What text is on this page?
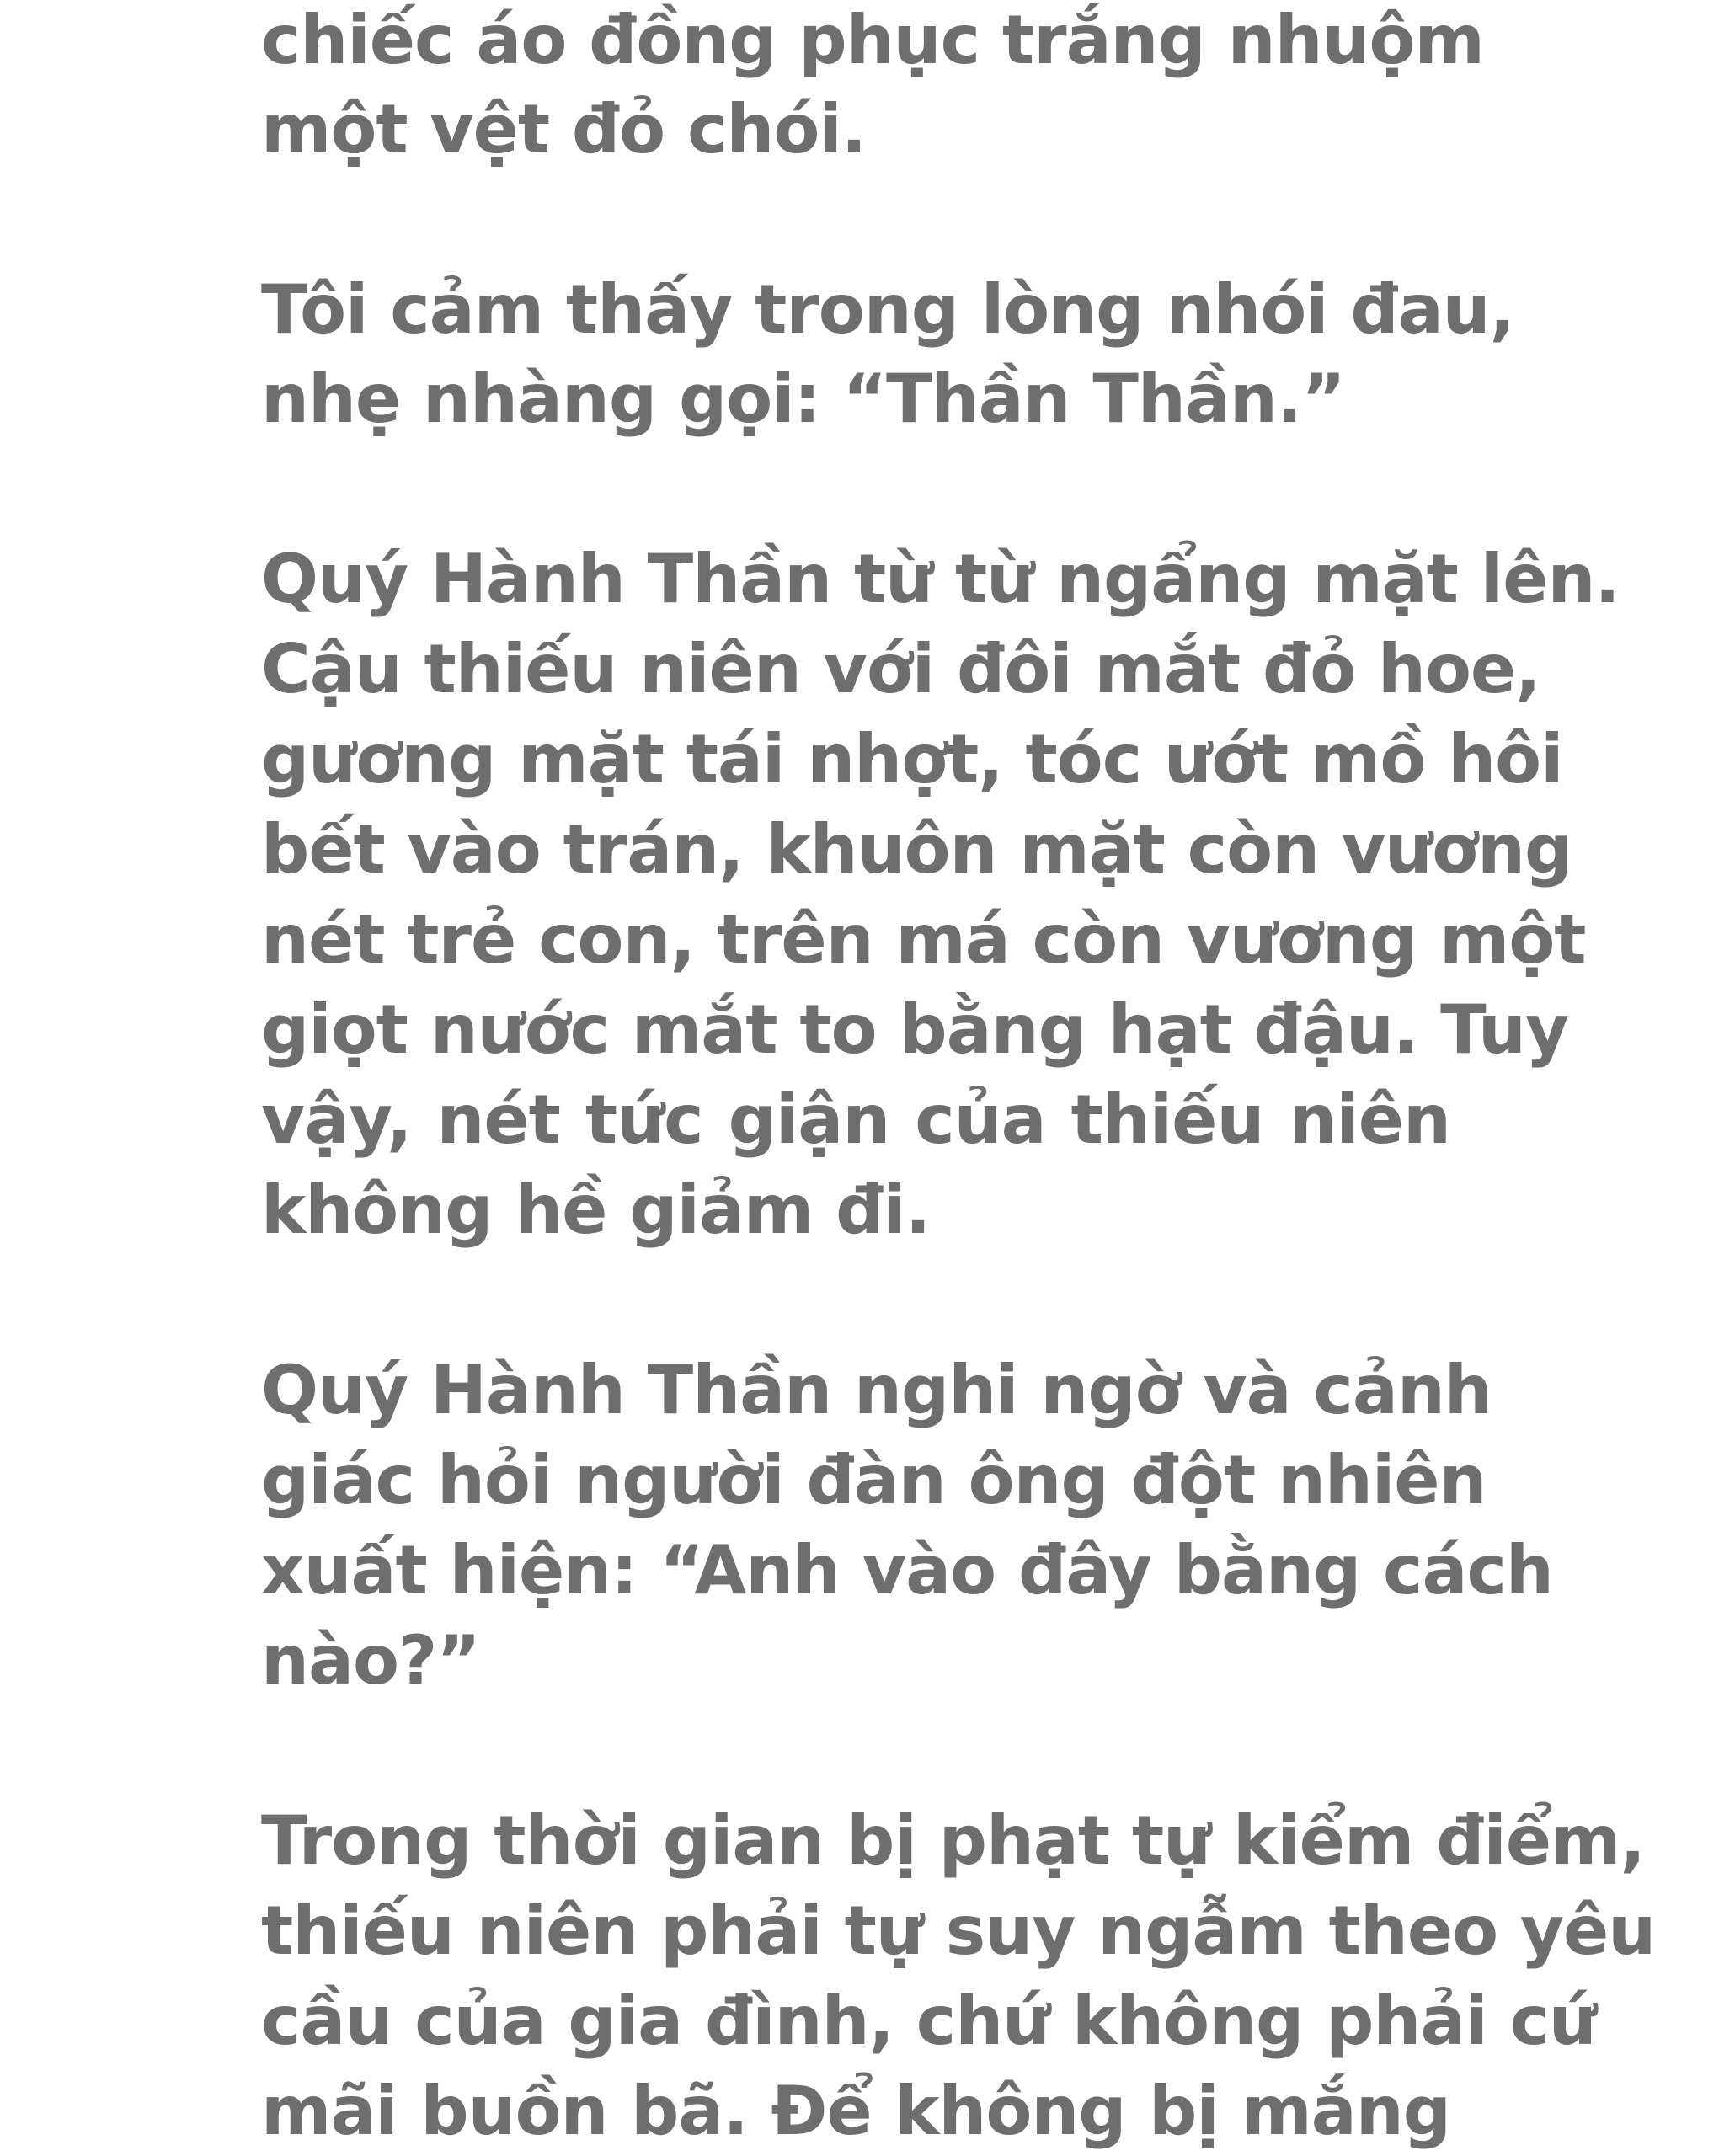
chiếc áo đồng phục trắng nhuộm
một vệt đỏ chói.
Tôi cảm thấy trong lòng nhói đau,
nhẹ nhàng gọi: “Thần Thần.”
Quý Hành Thần từ từ ngẩng mặt lên.
Cậu thiếu niên với đôi mắt đỏ hoe,
gương mặt tái nhợt, tóc ướt mồ hôi
bết vào trán, khuôn mặt còn vương
nét trẻ con, trên má còn vương một
giọt nước mắt to bằng hạt đậu. Tuy
vậy, nét tức giận của thiếu niên
không hề giảm đi.
Quý Hành Thần nghi ngờ và cảnh
giác hỏi người đàn ông đột nhiên
xuất hiện: “Anh vào đây bằng cách
nào?”
Trong thời gian bị phạt tự kiểm điểm,
thiếu niên phải tự suy ngẫm theo yêu
cầu của gia đình, chứ không phải cứ
mãi buồn bã. Để không bị mắng
